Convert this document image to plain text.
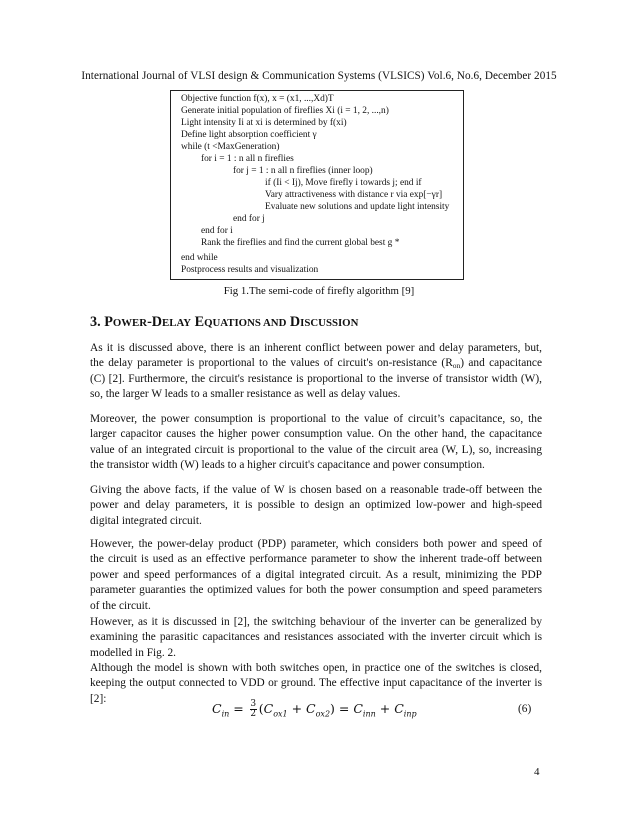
International Journal of VLSI design & Communication Systems (VLSICS) Vol.6, No.6, December 2015
Objective function f(x), x = (x1, ...,Xd)T
Generate initial population of fireflies Xi (i = 1, 2, ...,n)
Light intensity Ii at xi is determined by f(xi)
Define light absorption coefficient γ
while (t <MaxGeneration)
for i = 1 : n all n fireflies
for j = 1 : n all n fireflies (inner loop)
if (Ii < Ij), Move firefly i towards j; end if
Vary attractiveness with distance r via exp[−γr]
Evaluate new solutions and update light intensity
end for j
end for i
Rank the fireflies and find the current global best g *
end while
Postprocess results and visualization
Fig 1.The semi-code of firefly algorithm [9]
3. POWER-DELAY EQUATIONS AND DISCUSSION
As it is discussed above, there is an inherent conflict between power and delay parameters, but,
the delay parameter is proportional to the values of circuit's on-resistance $(R_{on})$ and capacitance
(C) [2]. Furthermore, the circuit's resistance is proportional to the inverse of transistor width (W),
so, the larger W leads to a smaller resistance as well as delay values.
Moreover, the power consumption is proportional to the value of circuit’s capacitance, so, the
larger capacitor causes the higher power consumption value. On the other hand, the capacitance
value of an integrated circuit is proportional to the value of the circuit area (W, L), so, increasing
the transistor width (W) leads to a higher circuit's capacitance and power consumption.
Giving the above facts, if the value of W is chosen based on a reasonable trade-off between the
power and delay parameters, it is possible to design an optimized low-power and high-speed
digital integrated circuit.
However, the power-delay product (PDP) parameter, which considers both power and speed of
the circuit is used as an effective performance parameter to show the inherent trade-off between
power and speed performances of a digital integrated circuit. As a result, minimizing the PDP
parameter guaranties the optimized values for both the power consumption and speed parameters
of the circuit.
However, as it is discussed in [2], the switching behaviour of the inverter can be generalized by
examining the parasitic capacitances and resistances associated with the inverter circuit which is
modelled in Fig. 2.
Although the model is shown with both switches open, in practice one of the switches is closed,
keeping the output connected to VDD or ground. The effective input capacitance of the inverter is
[2]:
$C_{in} = \frac{3}{2} (C_{ox1} + C_{ox2}) = C_{inn} + C_{inp}$	(6)
4
